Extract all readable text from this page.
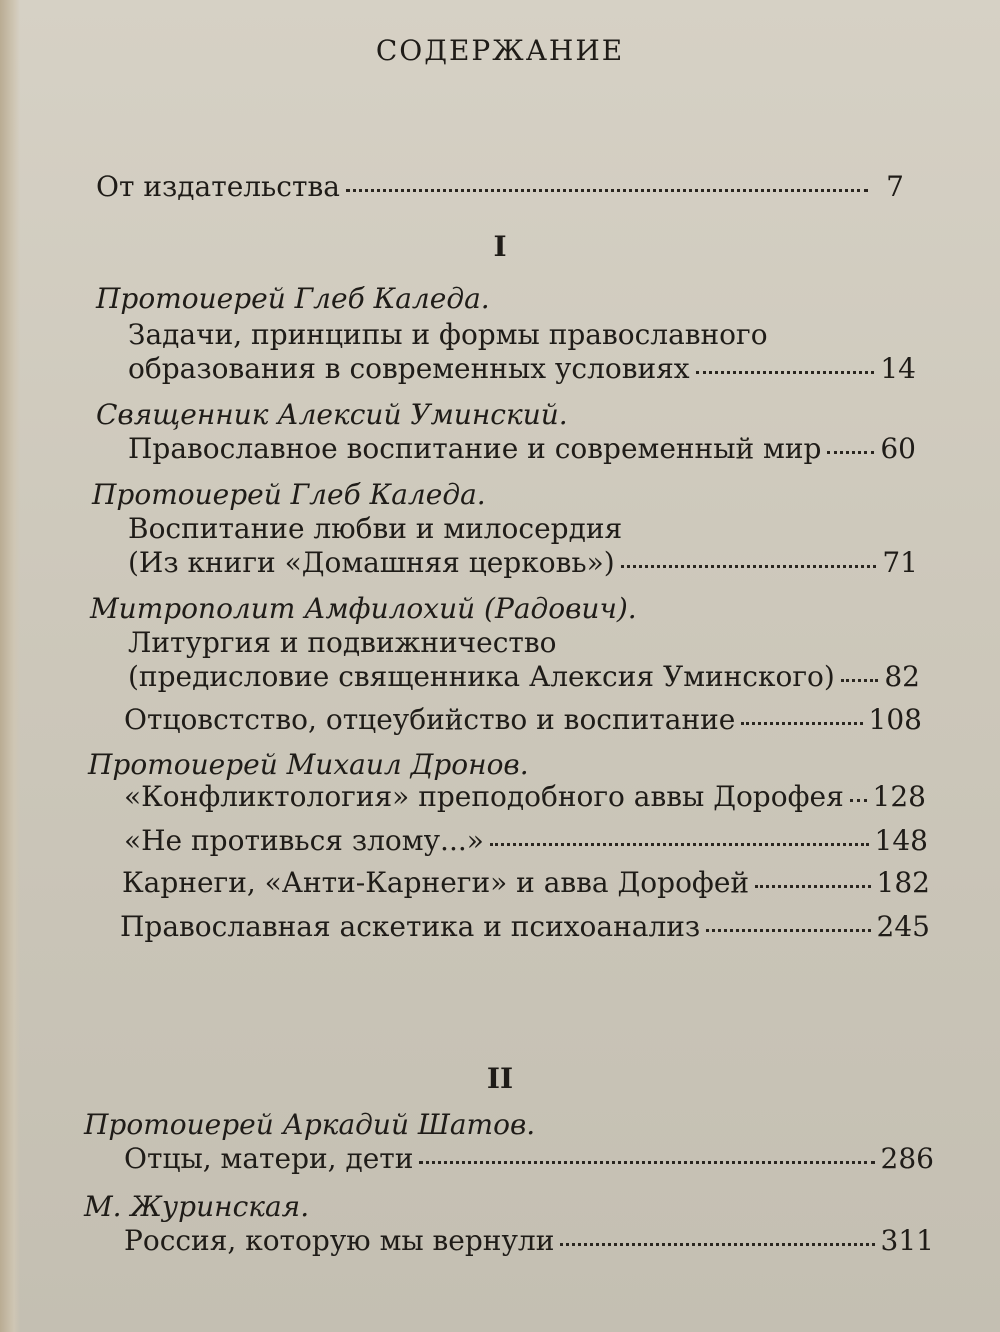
СОДЕРЖАНИЕ
От издательства	7
I
Протоиерей Глеб Каледа.
Задачи, принципы и формы православного
образования в современных условиях	14
Священник Алексий Уминский.
Православное воспитание и современный мир 60
Протоиерей Глеб Каледа.
Воспитание любви и милосердия
(Из книги «Домашняя церковь»)	71
Митрополит Амфилохий (Радович).
Литургия и подвижничество
(предисловие священника Алексия Уминского) 82
Отцовстство, отцеубийство и воспитание	108
Протоиерей Михаил Дронов.
«Конфликтология» преподобного аввы Дорофея 128
«Не противься злому...»	148
Карнеги, «Анти-Карнеги» и авва Дорофей	182
Православная аскетика и психоанализ	245
II
Протоиерей Аркадий Шатов.
Отцы, матери, дети	286
М. Журинская.
Россия, которую мы вернули	311
